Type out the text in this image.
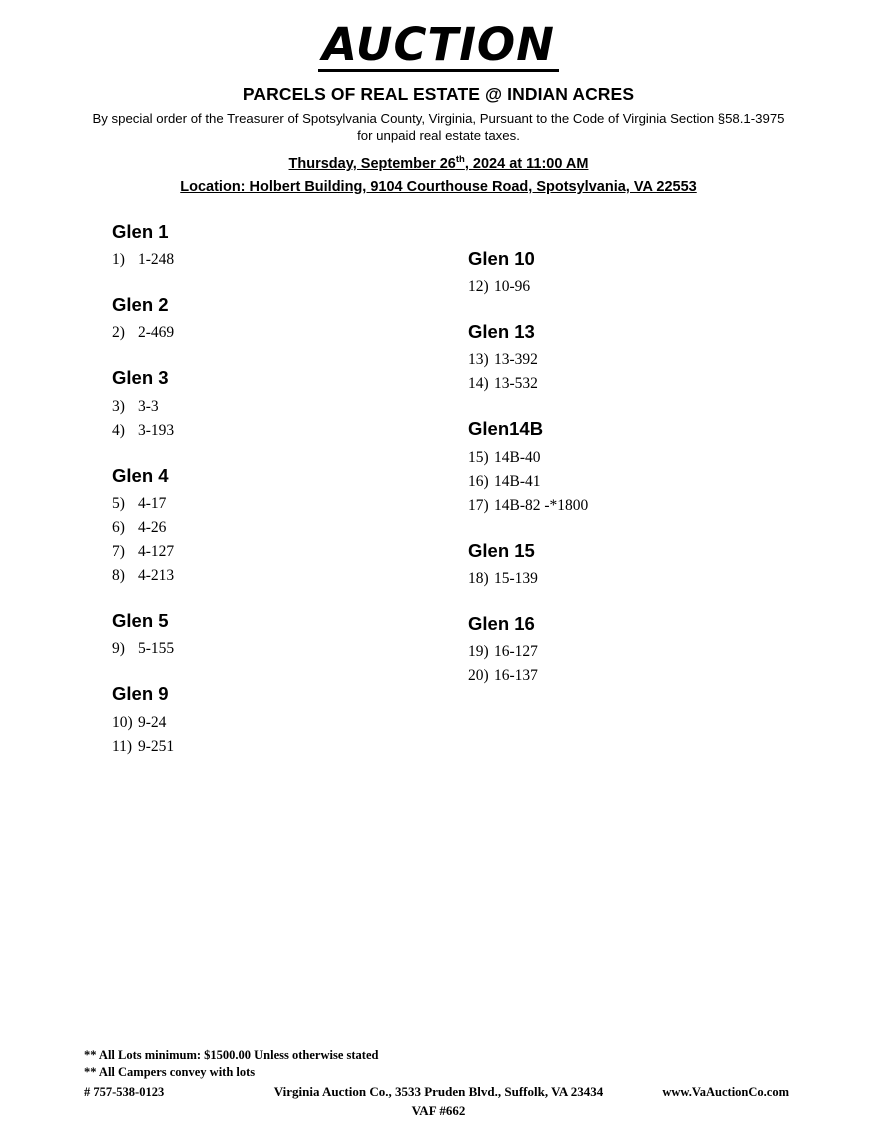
AUCTION
PARCELS OF REAL ESTATE @ INDIAN ACRES
By special order of the Treasurer of Spotsylvania County, Virginia, Pursuant to the Code of Virginia Section §58.1-3975
for unpaid real estate taxes.
Thursday, September 26th, 2024 at 11:00 AM
Location: Holbert Building, 9104 Courthouse Road, Spotsylvania, VA 22553
Glen 1
1) 1-248
Glen 2
2) 2-469
Glen 3
3) 3-3
4) 3-193
Glen 4
5) 4-17
6) 4-26
7) 4-127
8) 4-213
Glen 5
9) 5-155
Glen 9
10) 9-24
11) 9-251
Glen 10
12) 10-96
Glen 13
13) 13-392
14) 13-532
Glen14B
15) 14B-40
16) 14B-41
17) 14B-82 -*1800
Glen 15
18) 15-139
Glen 16
19) 16-127
20) 16-137
** All Lots minimum: $1500.00 Unless otherwise stated
** All Campers convey with lots
# 757-538-0123	Virginia Auction Co., 3533 Pruden Blvd., Suffolk, VA 23434
VAF #662
www.VaAuctionCo.com
